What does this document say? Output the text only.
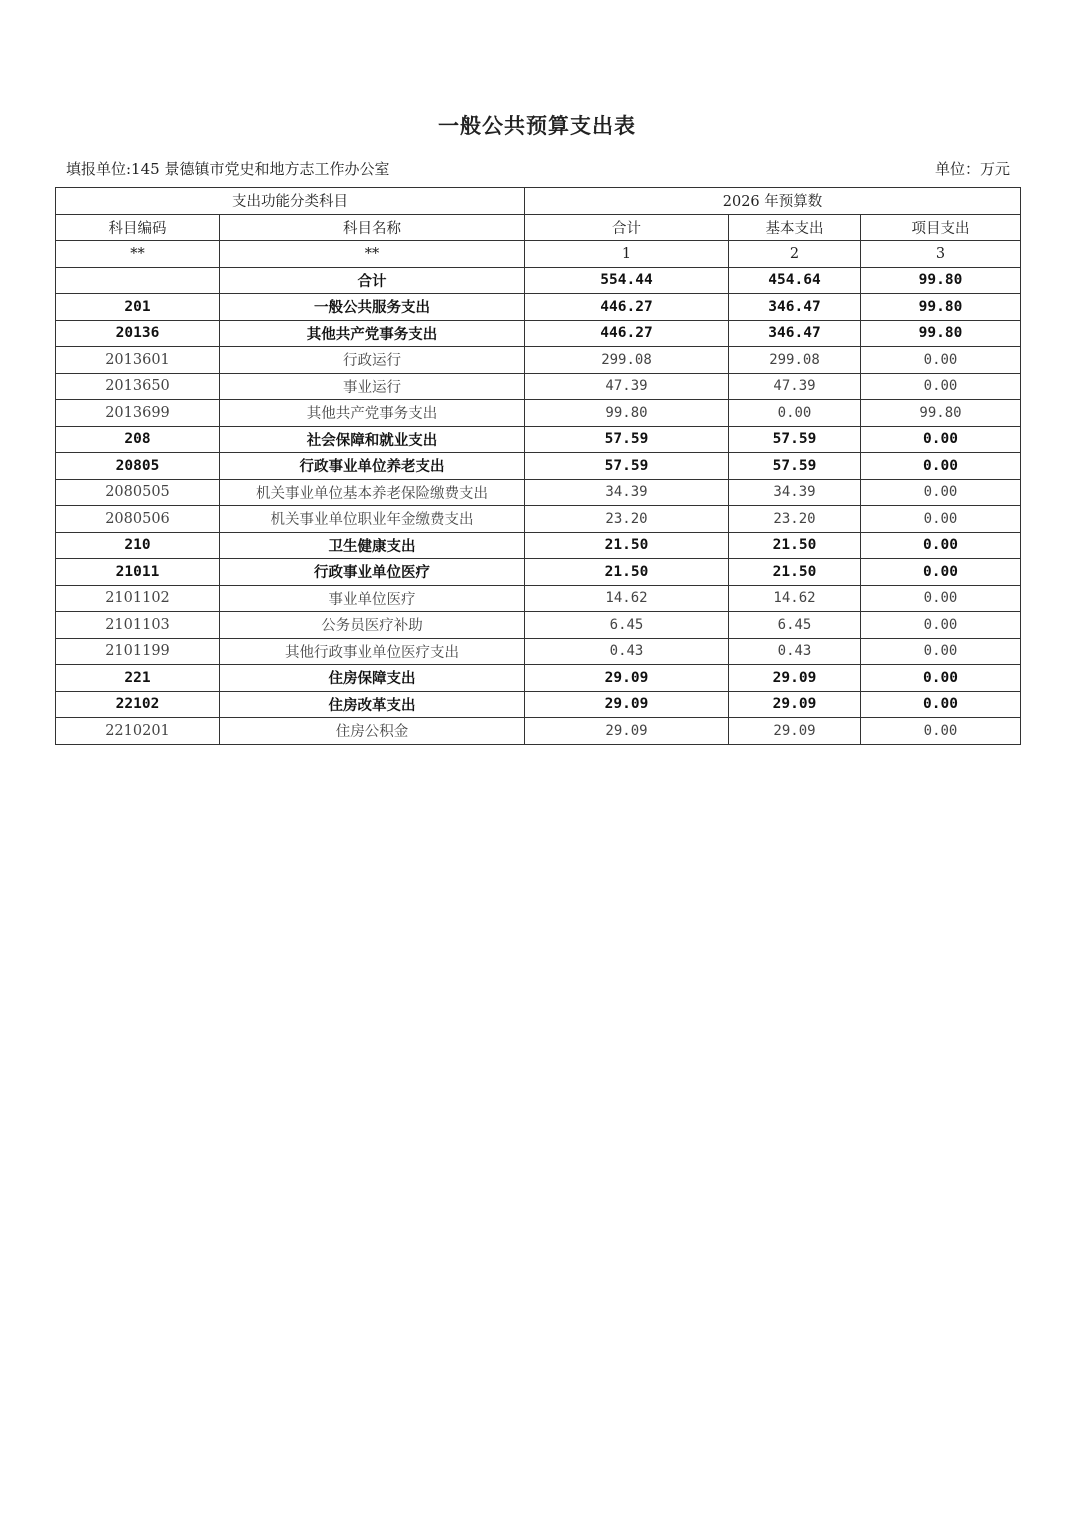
一般公共预算支出表
填报单位:145 景德镇市党史和地方志工作办公室	单位：万元
支出功能分类科目		2026 年预算数		
科目编码	科目名称	合计	基本支出	项目支出
**	**	1	2	3
	合计	554.44	454.64	99.80
201	一般公共服务支出	446.27	346.47	99.80
20136	其他共产党事务支出	446.27	346.47	99.80
2013601	行政运行	299.08	299.08	0.00
2013650	事业运行	47.39	47.39	0.00
2013699	其他共产党事务支出	99.80	0.00	99.80
208	社会保障和就业支出	57.59	57.59	0.00
20805	行政事业单位养老支出	57.59	57.59	0.00
2080505	机关事业单位基本养老保险缴费支出	34.39	34.39	0.00
2080506	机关事业单位职业年金缴费支出	23.20	23.20	0.00
210	卫生健康支出	21.50	21.50	0.00
21011	行政事业单位医疗	21.50	21.50	0.00
2101102	事业单位医疗	14.62	14.62	0.00
2101103	公务员医疗补助	6.45	6.45	0.00
2101199	其他行政事业单位医疗支出	0.43	0.43	0.00
221	住房保障支出	29.09	29.09	0.00
22102	住房改革支出	29.09	29.09	0.00
2210201	住房公积金	29.09	29.09	0.00
